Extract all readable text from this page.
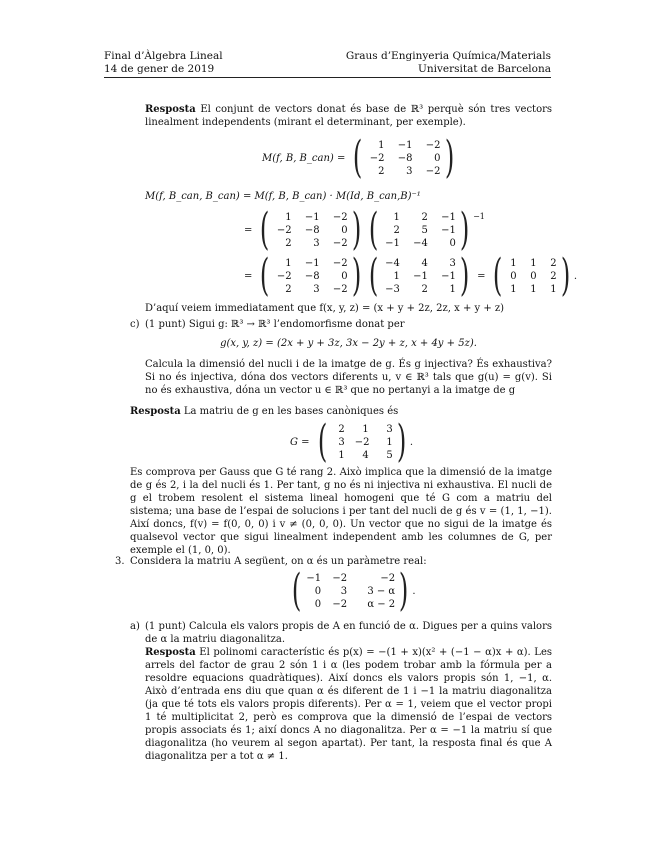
Final d’Àlgebra Lineal
14 de gener de 2019
Graus d’Enginyeria Química/Materials
Universitat de Barcelona
Resposta El conjunt de vectors donat és base de ℝ³ perquè són tres vectors linealment independents (mirant el determinant, per exemple).
M(f, B, B_can) = (	1	−1	−2
−2	−8	0
2	3	−2 )
M(f, B_can, B_can) = M(f, B, B_can) · M(Id, B_can,B)⁻¹
= (	1	−1	−2
−2	−8	0
2	3	−2 ) (	1	2	−1
2	5	−1
−1	−4	0 ) $^{-1}$
= (	1	−1	−2
−2	−8	0
2	3	−2 ) ( −4	4	3
1	−1	−1
−3	2	1 ) = ( 1	1	2
0	0	2
1	1	1 ) .
D’aquí veiem immediatament que f(x, y, z) = (x + y + 2z, 2z, x + y + z)
c) (1 punt) Sigui g: ℝ³ → ℝ³ l’endomorfisme donat per
g(x, y, z) = (2x + y + 3z, 3x − 2y + z, x + 4y + 5z).
Calcula la dimensió del nucli i de la imatge de g. És g injectiva? És exhaustiva? Si no és injectiva, dóna dos vectors diferents u, v ∈ ℝ³ tals que g(u) = g(v). Si no és exhaustiva, dóna un vector u ∈ ℝ³ que no pertanyi a la imatge de g
Resposta La matriu de g en les bases canòniques és
G = (	2	1	3
3 −2	1
1	4	5 ) .
Es comprova per Gauss que G té rang 2. Això implica que la dimensió de la imatge de g és 2, i la del nucli és 1. Per tant, g no és ni injectiva ni exhaustiva. El nucli de g el trobem resolent el sistema lineal homogeni que té G com a matriu del sistema; una base de l’espai de solucions i per tant del nucli de g és v = (1, 1, −1). Així doncs, f(v) = f(0, 0, 0) i v ≠ (0, 0, 0). Un vector que no sigui de la imatge és qualsevol vector que sigui linealment independent amb les columnes de G, per exemple el (1, 0, 0).
3. Considera la matriu A següent, on α és un paràmetre real:
( −1 −2	−2
0	3	3 − α
0 −2	α − 2 ) .
a) (1 punt) Calcula els valors propis de A en funció de α. Digues per a quins valors de α la matriu diagonalitza.
Resposta El polinomi característic és p(x) = −(1 + x)(x² + (−1 − α)x + α). Les arrels del factor de grau 2 són 1 i α (les podem trobar amb la fórmula per a resoldre equacions quadràtiques). Així doncs els valors propis són 1, −1, α. Això d’entrada ens diu que quan α és diferent de 1 i −1 la matriu diagonalitza (ja que té tots els valors propis diferents). Per α = 1, veiem que el vector propi 1 té multiplicitat 2, però es comprova que la dimensió de l’espai de vectors propis associats és 1; així doncs A no diagonalitza. Per α = −1 la matriu sí que diagonalitza (ho veurem al segon apartat). Per tant, la resposta final és que A diagonalitza per a tot α ≠ 1.
